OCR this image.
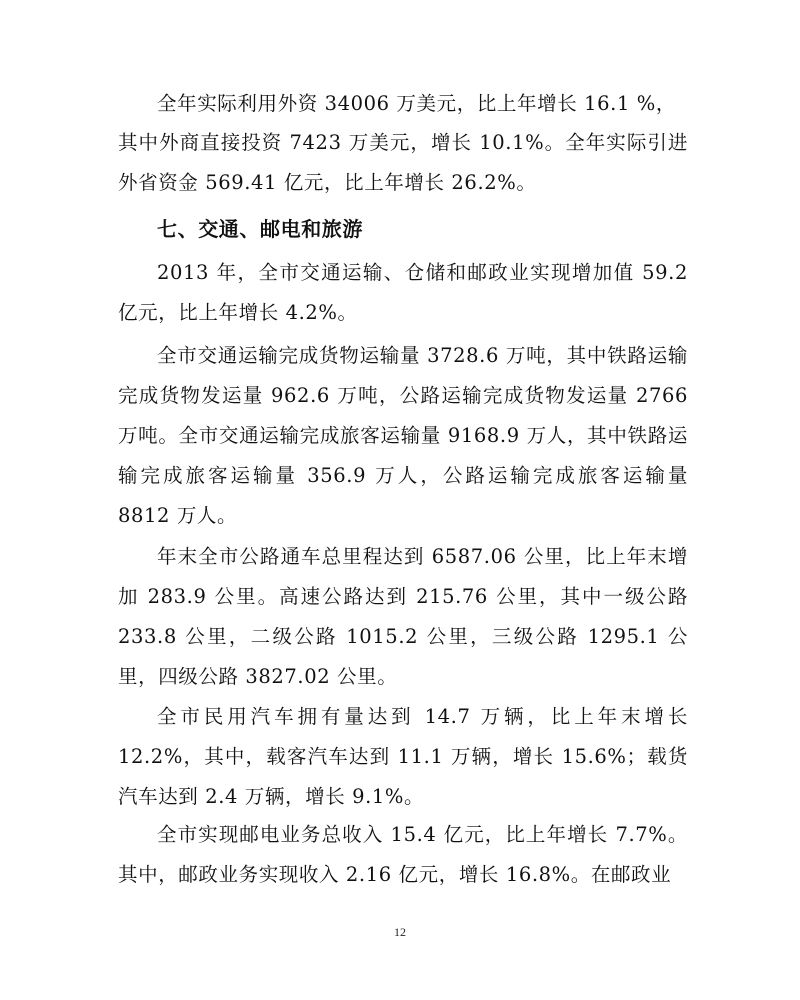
全年实际利用外资 34006 万美元，比上年增长 16.1 %，

其中外商直接投资 7423 万美元，增长 10.1%。全年实际引进外省资金 569.41 亿元，比上年增长 26.2%。

七、交通、邮电和旅游

2013 年，全市交通运输、仓储和邮政业实现增加值 59.2 亿元，比上年增长 4.2%。

全市交通运输完成货物运输量 3728.6 万吨，其中铁路运输完成货物发运量 962.6 万吨，公路运输完成货物发运量 2766 万吨。全市交通运输完成旅客运输量 9168.9 万人，其中铁路运输完成旅客运输量 356.9 万人，公路运输完成旅客运输量 8812 万人。

年末全市公路通车总里程达到 6587.06 公里，比上年末增加 283.9 公里。高速公路达到 215.76 公里，其中一级公路 233.8 公里，二级公路 1015.2 公里，三级公路 1295.1 公里，四级公路 3827.02 公里。

全市民用汽车拥有量达到 14.7 万辆，比上年末增长 12.2%，其中，载客汽车达到 11.1 万辆，增长 15.6%；载货汽车达到 2.4 万辆，增长 9.1%。

全市实现邮电业务总收入 15.4 亿元，比上年增长 7.7%。其中，邮政业务实现收入 2.16 亿元，增长 16.8%。在邮政业

12
